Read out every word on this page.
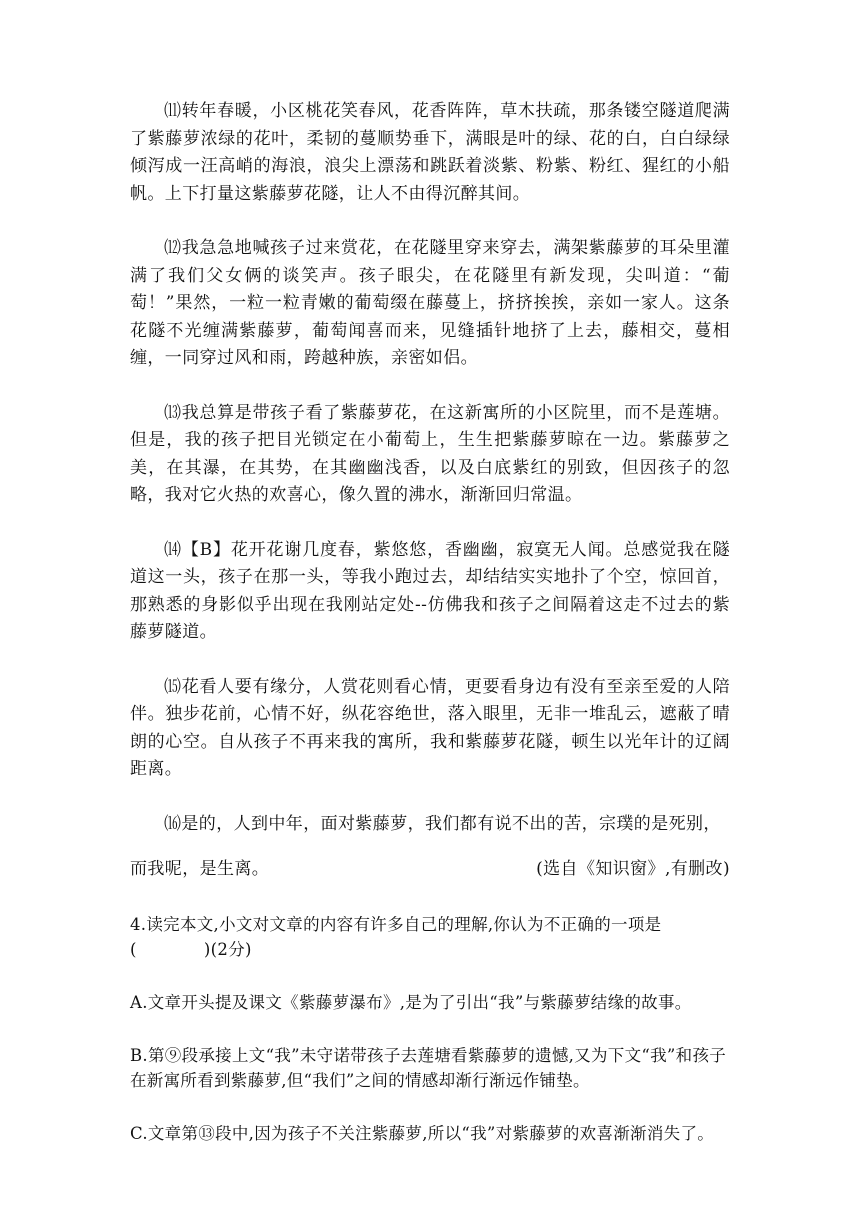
⑾转年春暖，小区桃花笑春风，花香阵阵，草木扶疏，那条镂空隧道爬满了紫藤萝浓绿的花叶，柔韧的蔓顺势垂下，满眼是叶的绿、花的白，白白绿绿倾泻成一汪高峭的海浪，浪尖上漂荡和跳跃着淡紫、粉紫、粉红、猩红的小船帆。上下打量这紫藤萝花隧，让人不由得沉醉其间。

⑿我急急地喊孩子过来赏花，在花隧里穿来穿去，满架紫藤萝的耳朵里灌满了我们父女俩的谈笑声。孩子眼尖，在花隧里有新发现，尖叫道：“葡萄！”果然，一粒一粒青嫩的葡萄缀在藤蔓上，挤挤挨挨，亲如一家人。这条花隧不光缠满紫藤萝，葡萄闻喜而来，见缝插针地挤了上去，藤相交，蔓相缠，一同穿过风和雨，跨越种族，亲密如侣。

⒀我总算是带孩子看了紫藤萝花，在这新寓所的小区院里，而不是莲塘。但是，我的孩子把目光锁定在小葡萄上，生生把紫藤萝晾在一边。紫藤萝之美，在其瀑，在其势，在其幽幽浅香，以及白底紫红的别致，但因孩子的忽略，我对它火热的欢喜心，像久置的沸水，渐渐回归常温。

⒁【B】花开花谢几度春，紫悠悠，香幽幽，寂寞无人闻。总感觉我在隧道这一头，孩子在那一头，等我小跑过去，却结结实实地扑了个空，惊回首，那熟悉的身影似乎出现在我刚站定处--仿佛我和孩子之间隔着这走不过去的紫藤萝隧道。

⒂花看人要有缘分，人赏花则看心情，更要看身边有没有至亲至爱的人陪伴。独步花前，心情不好，纵花容绝世，落入眼里，无非一堆乱云，遮蔽了晴朗的心空。自从孩子不再来我的寓所，我和紫藤萝花隧，顿生以光年计的辽阔距离。

⒃是的，人到中年，面对紫藤萝，我们都有说不出的苦，宗璞的是死别，

而我呢，是生离。	(选自《知识窗》,有删改)

4.读完本文,小文对文章的内容有许多自己的理解,你认为不正确的一项是(　　　　)(2分)

A.文章开头提及课文《紫藤萝瀑布》,是为了引出“我”与紫藤萝结缘的故事。

B.第⑨段承接上文“我”未守诺带孩子去莲塘看紫藤萝的遗憾,又为下文“我”和孩子在新寓所看到紫藤萝,但“我们”之间的情感却渐行渐远作铺垫。

C.文章第⑬段中,因为孩子不关注紫藤萝,所以“我”对紫藤萝的欢喜渐渐消失了。
